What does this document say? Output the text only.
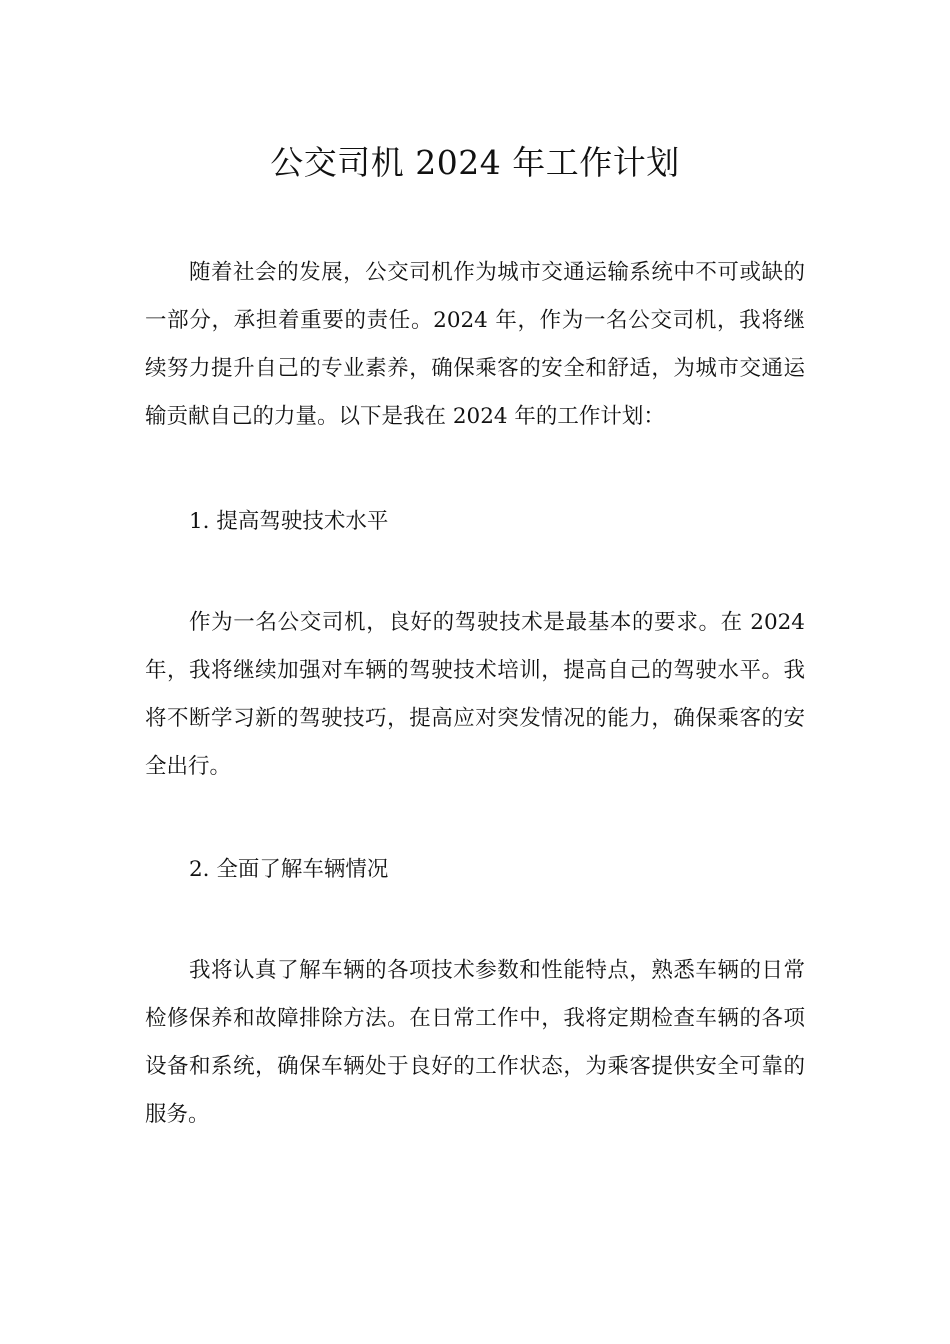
公交司机 2024 年工作计划

随着社会的发展，公交司机作为城市交通运输系统中不可或缺的一部分，承担着重要的责任。2024 年，作为一名公交司机，我将继续努力提升自己的专业素养，确保乘客的安全和舒适，为城市交通运输贡献自己的力量。以下是我在 2024 年的工作计划：

1. 提高驾驶技术水平

作为一名公交司机，良好的驾驶技术是最基本的要求。在 2024 年，我将继续加强对车辆的驾驶技术培训，提高自己的驾驶水平。我将不断学习新的驾驶技巧，提高应对突发情况的能力，确保乘客的安全出行。

2. 全面了解车辆情况

我将认真了解车辆的各项技术参数和性能特点，熟悉车辆的日常检修保养和故障排除方法。在日常工作中，我将定期检查车辆的各项设备和系统，确保车辆处于良好的工作状态，为乘客提供安全可靠的服务。
